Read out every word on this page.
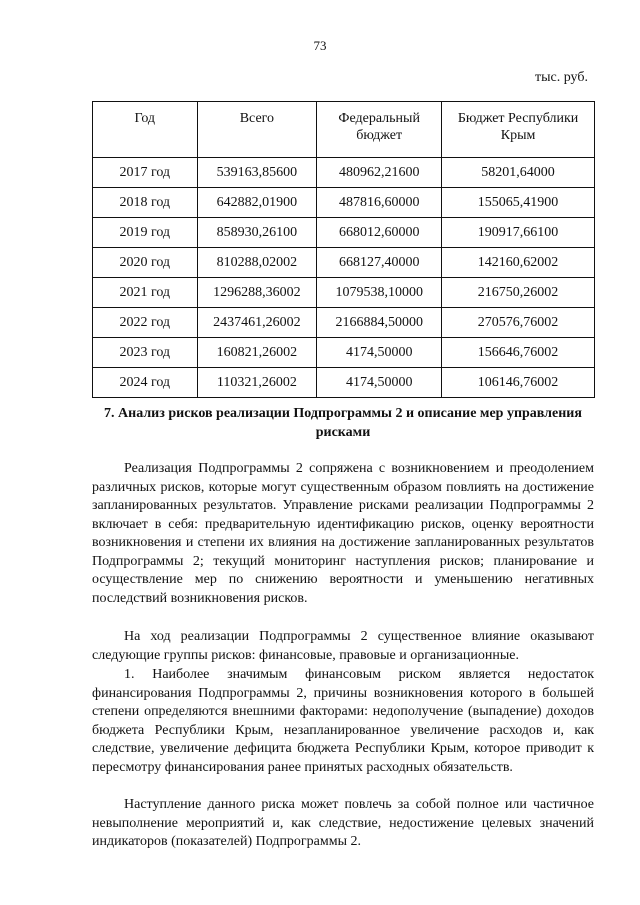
73
тыс. руб.
Год	Всего	Федеральный бюджет	Бюджет Республики Крым
2017 год	539163,85600	480962,21600	58201,64000
2018 год	642882,01900	487816,60000	155065,41900
2019 год	858930,26100	668012,60000	190917,66100
2020 год	810288,02002	668127,40000	142160,62002
2021 год	1296288,36002	1079538,10000	216750,26002
2022 год	2437461,26002	2166884,50000	270576,76002
2023 год	160821,26002	4174,50000	156646,76002
2024 год	110321,26002	4174,50000	106146,76002
7. Анализ рисков реализации Подпрограммы 2 и описание мер управления рисками

Реализация Подпрограммы 2 сопряжена с возникновением и преодолением различных рисков, которые могут существенным образом повлиять на достижение запланированных результатов. Управление рисками реализации Подпрограммы 2 включает в себя: предварительную идентификацию рисков, оценку вероятности возникновения и степени их влияния на достижение запланированных результатов Подпрограммы 2; текущий мониторинг наступления рисков; планирование и осуществление мер по снижению вероятности и уменьшению негативных последствий возникновения рисков.

На ход реализации Подпрограммы 2 существенное влияние оказывают следующие группы рисков: финансовые, правовые и организационные.

1. Наиболее значимым финансовым риском является недостаток финансирования Подпрограммы 2, причины возникновения которого в большей степени определяются внешними факторами: недополучение (выпадение) доходов бюджета Республики Крым, незапланированное увеличение расходов и, как следствие, увеличение дефицита бюджета Республики Крым, которое приводит к пересмотру финансирования ранее принятых расходных обязательств.

Наступление данного риска может повлечь за собой полное или частичное невыполнение мероприятий и, как следствие, недостижение целевых значений индикаторов (показателей) Подпрограммы 2.
